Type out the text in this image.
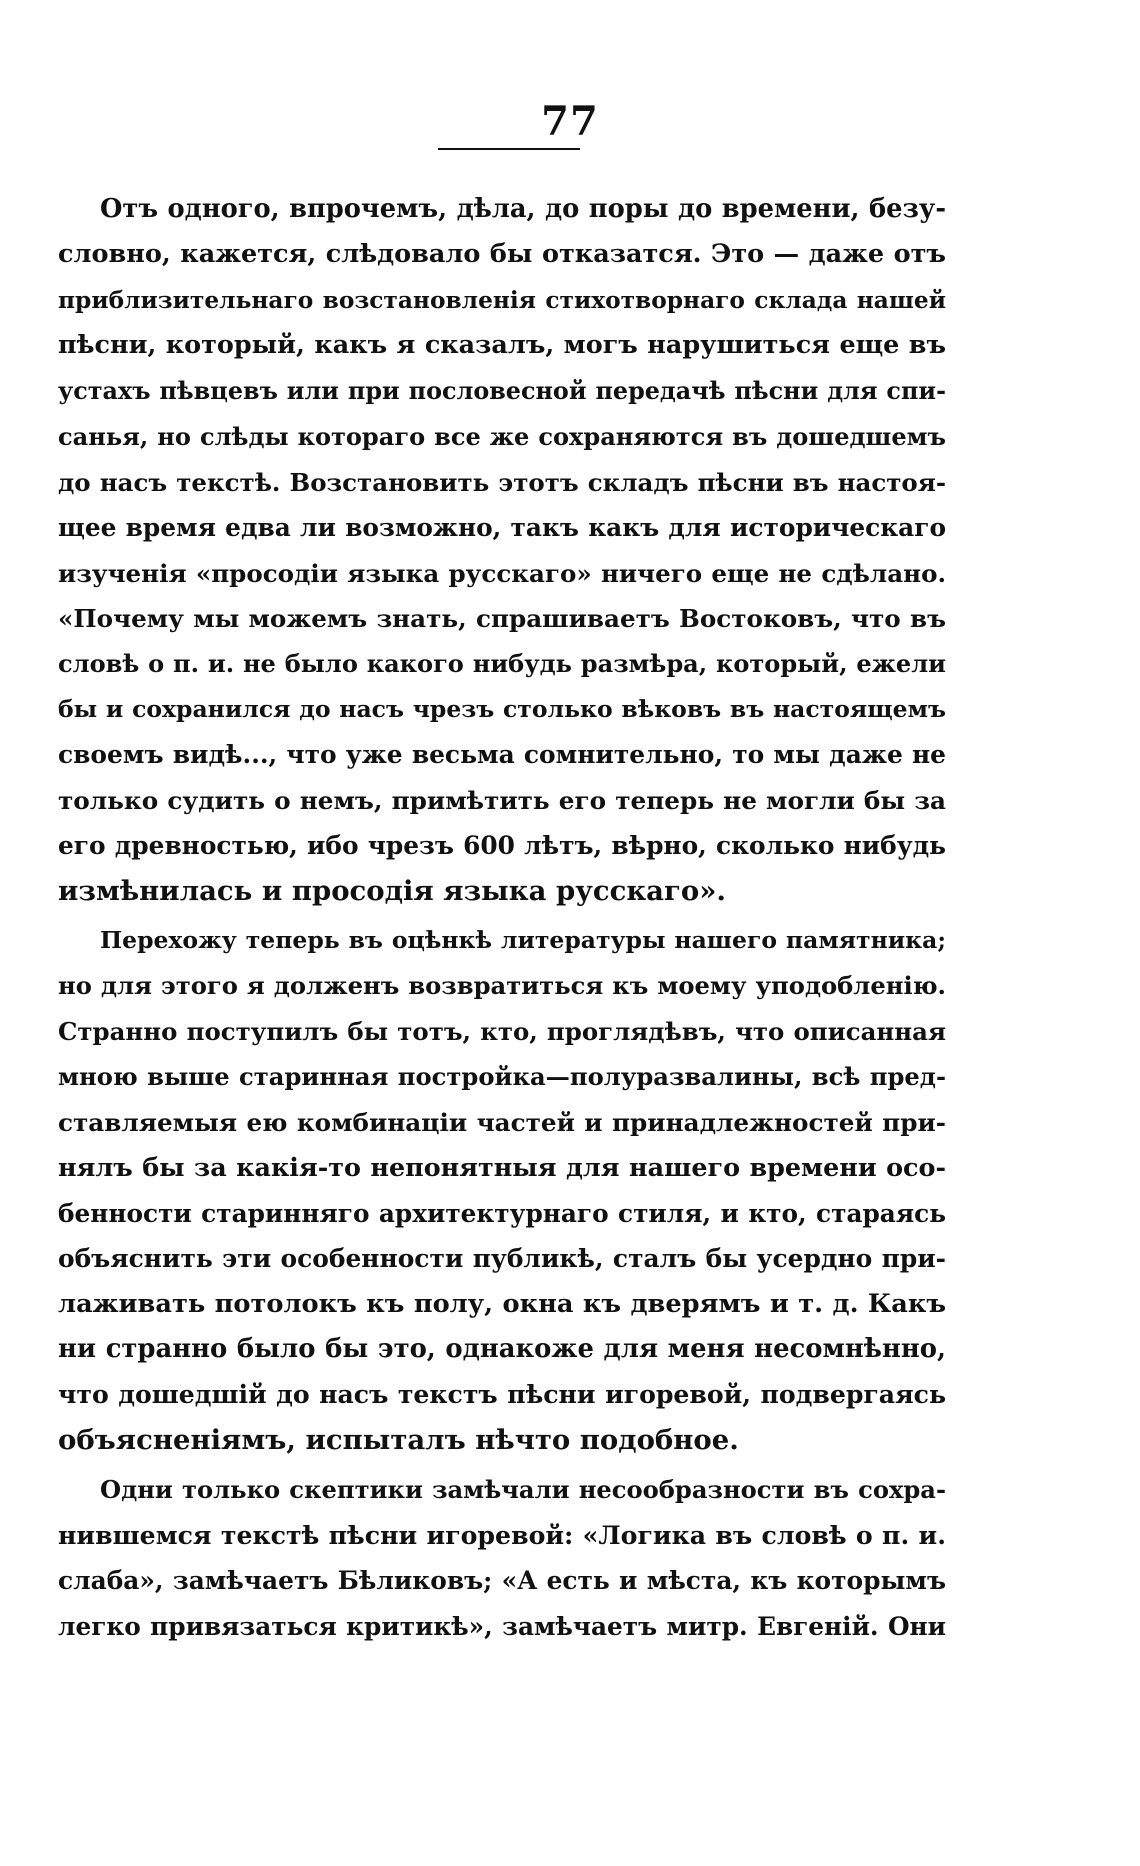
77
Отъ одного, впрочемъ, дѣла, до поры до времени, безу-
словно, кажется, слѣдовало бы отказатся. Это — даже отъ
приблизительнаго возстановленія стихотворнаго склада нашей
пѣсни, который, какъ я сказалъ, могъ нарушиться еще въ
устахъ пѣвцевъ или при пословесной передачѣ пѣсни для спи-
санья, но слѣды котораго все же сохраняются въ дошедшемъ
до насъ текстѣ. Возстановить этотъ складъ пѣсни въ настоя-
щее время едва ли возможно, такъ какъ для историческаго
изученія «просодіи языка русскаго» ничего еще не сдѣлано.
«Почему мы можемъ знать, спрашиваетъ Востоковъ, что въ
словѣ о п. и. не было какого нибудь размѣра, который, ежели
бы и сохранился до насъ чрезъ столько вѣковъ въ настоящемъ
своемъ видѣ..., что уже весьма сомнительно, то мы даже не
только судить о немъ, примѣтить его теперь не могли бы за
его древностью, ибо чрезъ 600 лѣтъ, вѣрно, сколько нибудь
измѣнилась и просодія языка русскаго».
Перехожу теперь въ оцѣнкѣ литературы нашего памятника;
но для этого я долженъ возвратиться къ моему уподобленію.
Странно поступилъ бы тотъ, кто, проглядѣвъ, что описанная
мною выше старинная постройка—полуразвалины, всѣ пред-
ставляемыя ею комбинаціи частей и принадлежностей при-
нялъ бы за какія-то непонятныя для нашего времени осо-
бенности старинняго архитектурнаго стиля, и кто, стараясь
объяснить эти особенности публикѣ, сталъ бы усердно при-
лаживать потолокъ къ полу, окна къ дверямъ и т. д. Какъ
ни странно было бы это, однакоже для меня несомнѣнно,
что дошедшій до насъ текстъ пѣсни игоревой, подвергаясь
объясненіямъ, испыталъ нѣчто подобное.
Одни только скептики замѣчали несообразности въ сохра-
нившемся текстѣ пѣсни игоревой: «Логика въ словѣ о п. и.
слаба», замѣчаетъ Бѣликовъ; «А есть и мѣста, къ которымъ
легко привязаться критикѣ», замѣчаетъ митр. Евгеній. Они
